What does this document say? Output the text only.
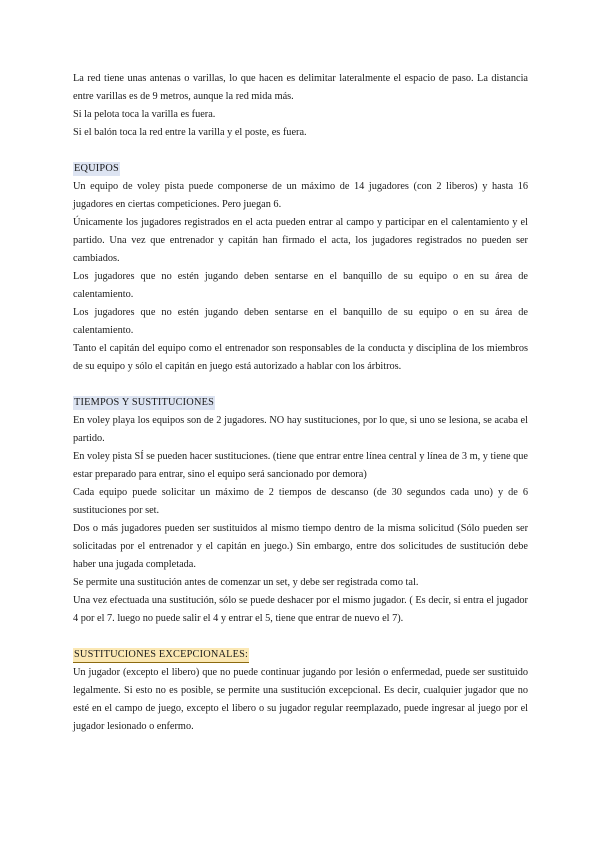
La red tiene unas antenas o varillas, lo que hacen es delimitar lateralmente el espacio de paso. La distancia entre varillas es de 9 metros, aunque la red mida más.

Si la pelota toca la varilla es fuera.

Si el balón toca la red entre la varilla y el poste, es fuera.

EQUIPOS

Un equipo de voley pista puede componerse de un máximo de 14 jugadores (con 2 liberos) y hasta 16 jugadores en ciertas competiciones. Pero juegan 6.

Únicamente los jugadores registrados en el acta pueden entrar al campo y participar en el calentamiento y el partido. Una vez que entrenador y capitán han firmado el acta, los jugadores registrados no pueden ser cambiados.

Los jugadores que no estén jugando deben sentarse en el banquillo de su equipo o en su área de calentamiento.

Los jugadores que no estén jugando deben sentarse en el banquillo de su equipo o en su área de calentamiento.

Tanto el capitán del equipo como el entrenador son responsables de la conducta y disciplina de los miembros de su equipo y sólo el capitán en juego está autorizado a hablar con los árbitros.

TIEMPOS Y SUSTITUCIONES

En voley playa los equipos son de 2 jugadores. NO hay sustituciones, por lo que, si uno se lesiona, se acaba el partido.

En voley pista SÍ se pueden hacer sustituciones. (tiene que entrar entre línea central y línea de 3 m, y tiene que estar preparado para entrar, sino el equipo será sancionado por demora)

Cada equipo puede solicitar un máximo de 2 tiempos de descanso (de 30 segundos cada uno) y de 6 sustituciones por set.

Dos o más jugadores pueden ser sustituidos al mismo tiempo dentro de la misma solicitud (Sólo pueden ser solicitadas por el entrenador y el capitán en juego.) Sin embargo, entre dos solicitudes de sustitución debe haber una jugada completada.

Se permite una sustitución antes de comenzar un set, y debe ser registrada como tal.

Una vez efectuada una sustitución, sólo se puede deshacer por el mismo jugador. ( Es decir, si entra el jugador 4 por el 7. luego no puede salir el 4 y entrar el 5, tiene que entrar de nuevo el 7).

SUSTITUCIONES EXCEPCIONALES:

Un jugador (excepto el libero) que no puede continuar jugando por lesión o enfermedad, puede ser sustituido legalmente. Si esto no es posible, se permite una sustitución excepcional. Es decir, cualquier jugador que no esté en el campo de juego, excepto el libero o su jugador regular reemplazado, puede ingresar al juego por el jugador lesionado o enfermo.
